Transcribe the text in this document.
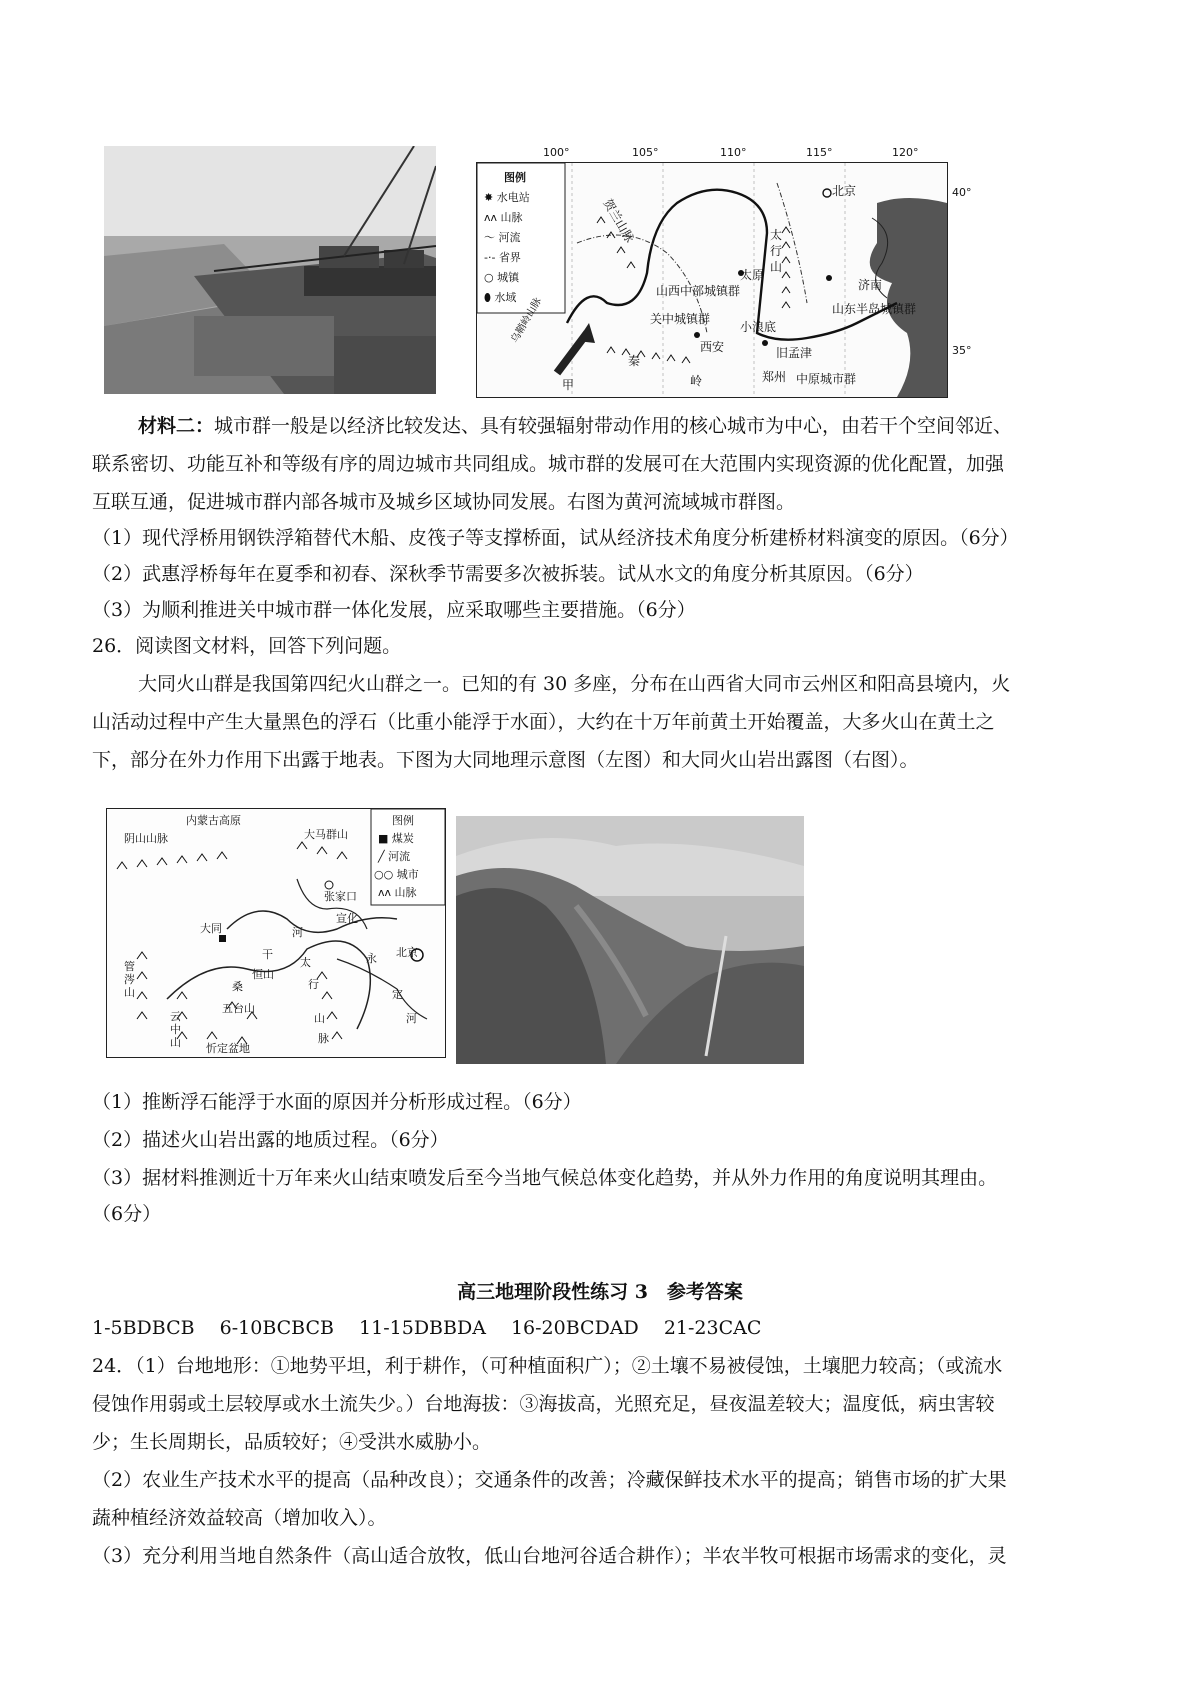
100°	105°	110°	115°	120°
40°
35°
图例
✸ 水电站
ᴧᴧ 山脉
〜 河流
-·- 省界
○ 城镇
⬮ 水域
北京
太原
济南
西安
郑州
小浪底
旧孟津
贺兰山脉	太
行
山
山西中部城镇群
关中城镇群
山东半岛城镇群
中原城市群
甲
秦
岭
乌鞘岭山脉
材料二：城市群一般是以经济比较发达、具有较强辐射带动作用的核心城市为中心，由若干个空间邻近、
联系密切、功能互补和等级有序的周边城市共同组成。城市群的发展可在大范围内实现资源的优化配置，加强
互联互通，促进城市群内部各城市及城乡区域协同发展。右图为黄河流域城市群图。
（1）现代浮桥用钢铁浮箱替代木船、皮筏子等支撑桥面，试从经济技术角度分析建桥材料演变的原因。（6分）
（2）武惠浮桥每年在夏季和初春、深秋季节需要多次被拆装。试从水文的角度分析其原因。（6分）
（3）为顺利推进关中城市群一体化发展，应采取哪些主要措施。（6分）
26．阅读图文材料，回答下列问题。
大同火山群是我国第四纪火山群之一。已知的有 30 多座，分布在山西省大同市云州区和阳高县境内，火
山活动过程中产生大量黑色的浮石（比重小能浮于水面），大约在十万年前黄土开始覆盖，大多火山在黄土之
下，部分在外力作用下出露于地表。下图为大同地理示意图（左图）和大同火山岩出露图（右图）。
图例
■ 煤炭
╱ 河流
○○ 城市
ᴧᴧ 山脉
内蒙古高原
阴山山脉	大马群山
张家口
宣化
大同
北京
管涔山
云中山
恒山
五台山
忻定盆地
桑
干
河
永
定
河
太
行
山
脉
（1）推断浮石能浮于水面的原因并分析形成过程。（6分）
（2）描述火山岩出露的地质过程。（6分）
（3）据材料推测近十万年来火山结束喷发后至今当地气候总体变化趋势，并从外力作用的角度说明其理由。
（6分）
高三地理阶段性练习 3　参考答案
1-5BDBCB　 6-10BCBCB　 11-15DBBDA　 16-20BCDAD　 21-23CAC
24．（1）台地地形：①地势平坦，利于耕作，（可种植面积广）；②土壤不易被侵蚀，土壤肥力较高；（或流水
侵蚀作用弱或土层较厚或水土流失少。）台地海拔：③海拔高，光照充足，昼夜温差较大；温度低，病虫害较
少；生长周期长，品质较好；④受洪水威胁小。
（2）农业生产技术水平的提高（品种改良）；交通条件的改善；冷藏保鲜技术水平的提高；销售市场的扩大果
蔬种植经济效益较高（增加收入）。
（3）充分利用当地自然条件（高山适合放牧，低山台地河谷适合耕作）；半农半牧可根据市场需求的变化，灵
